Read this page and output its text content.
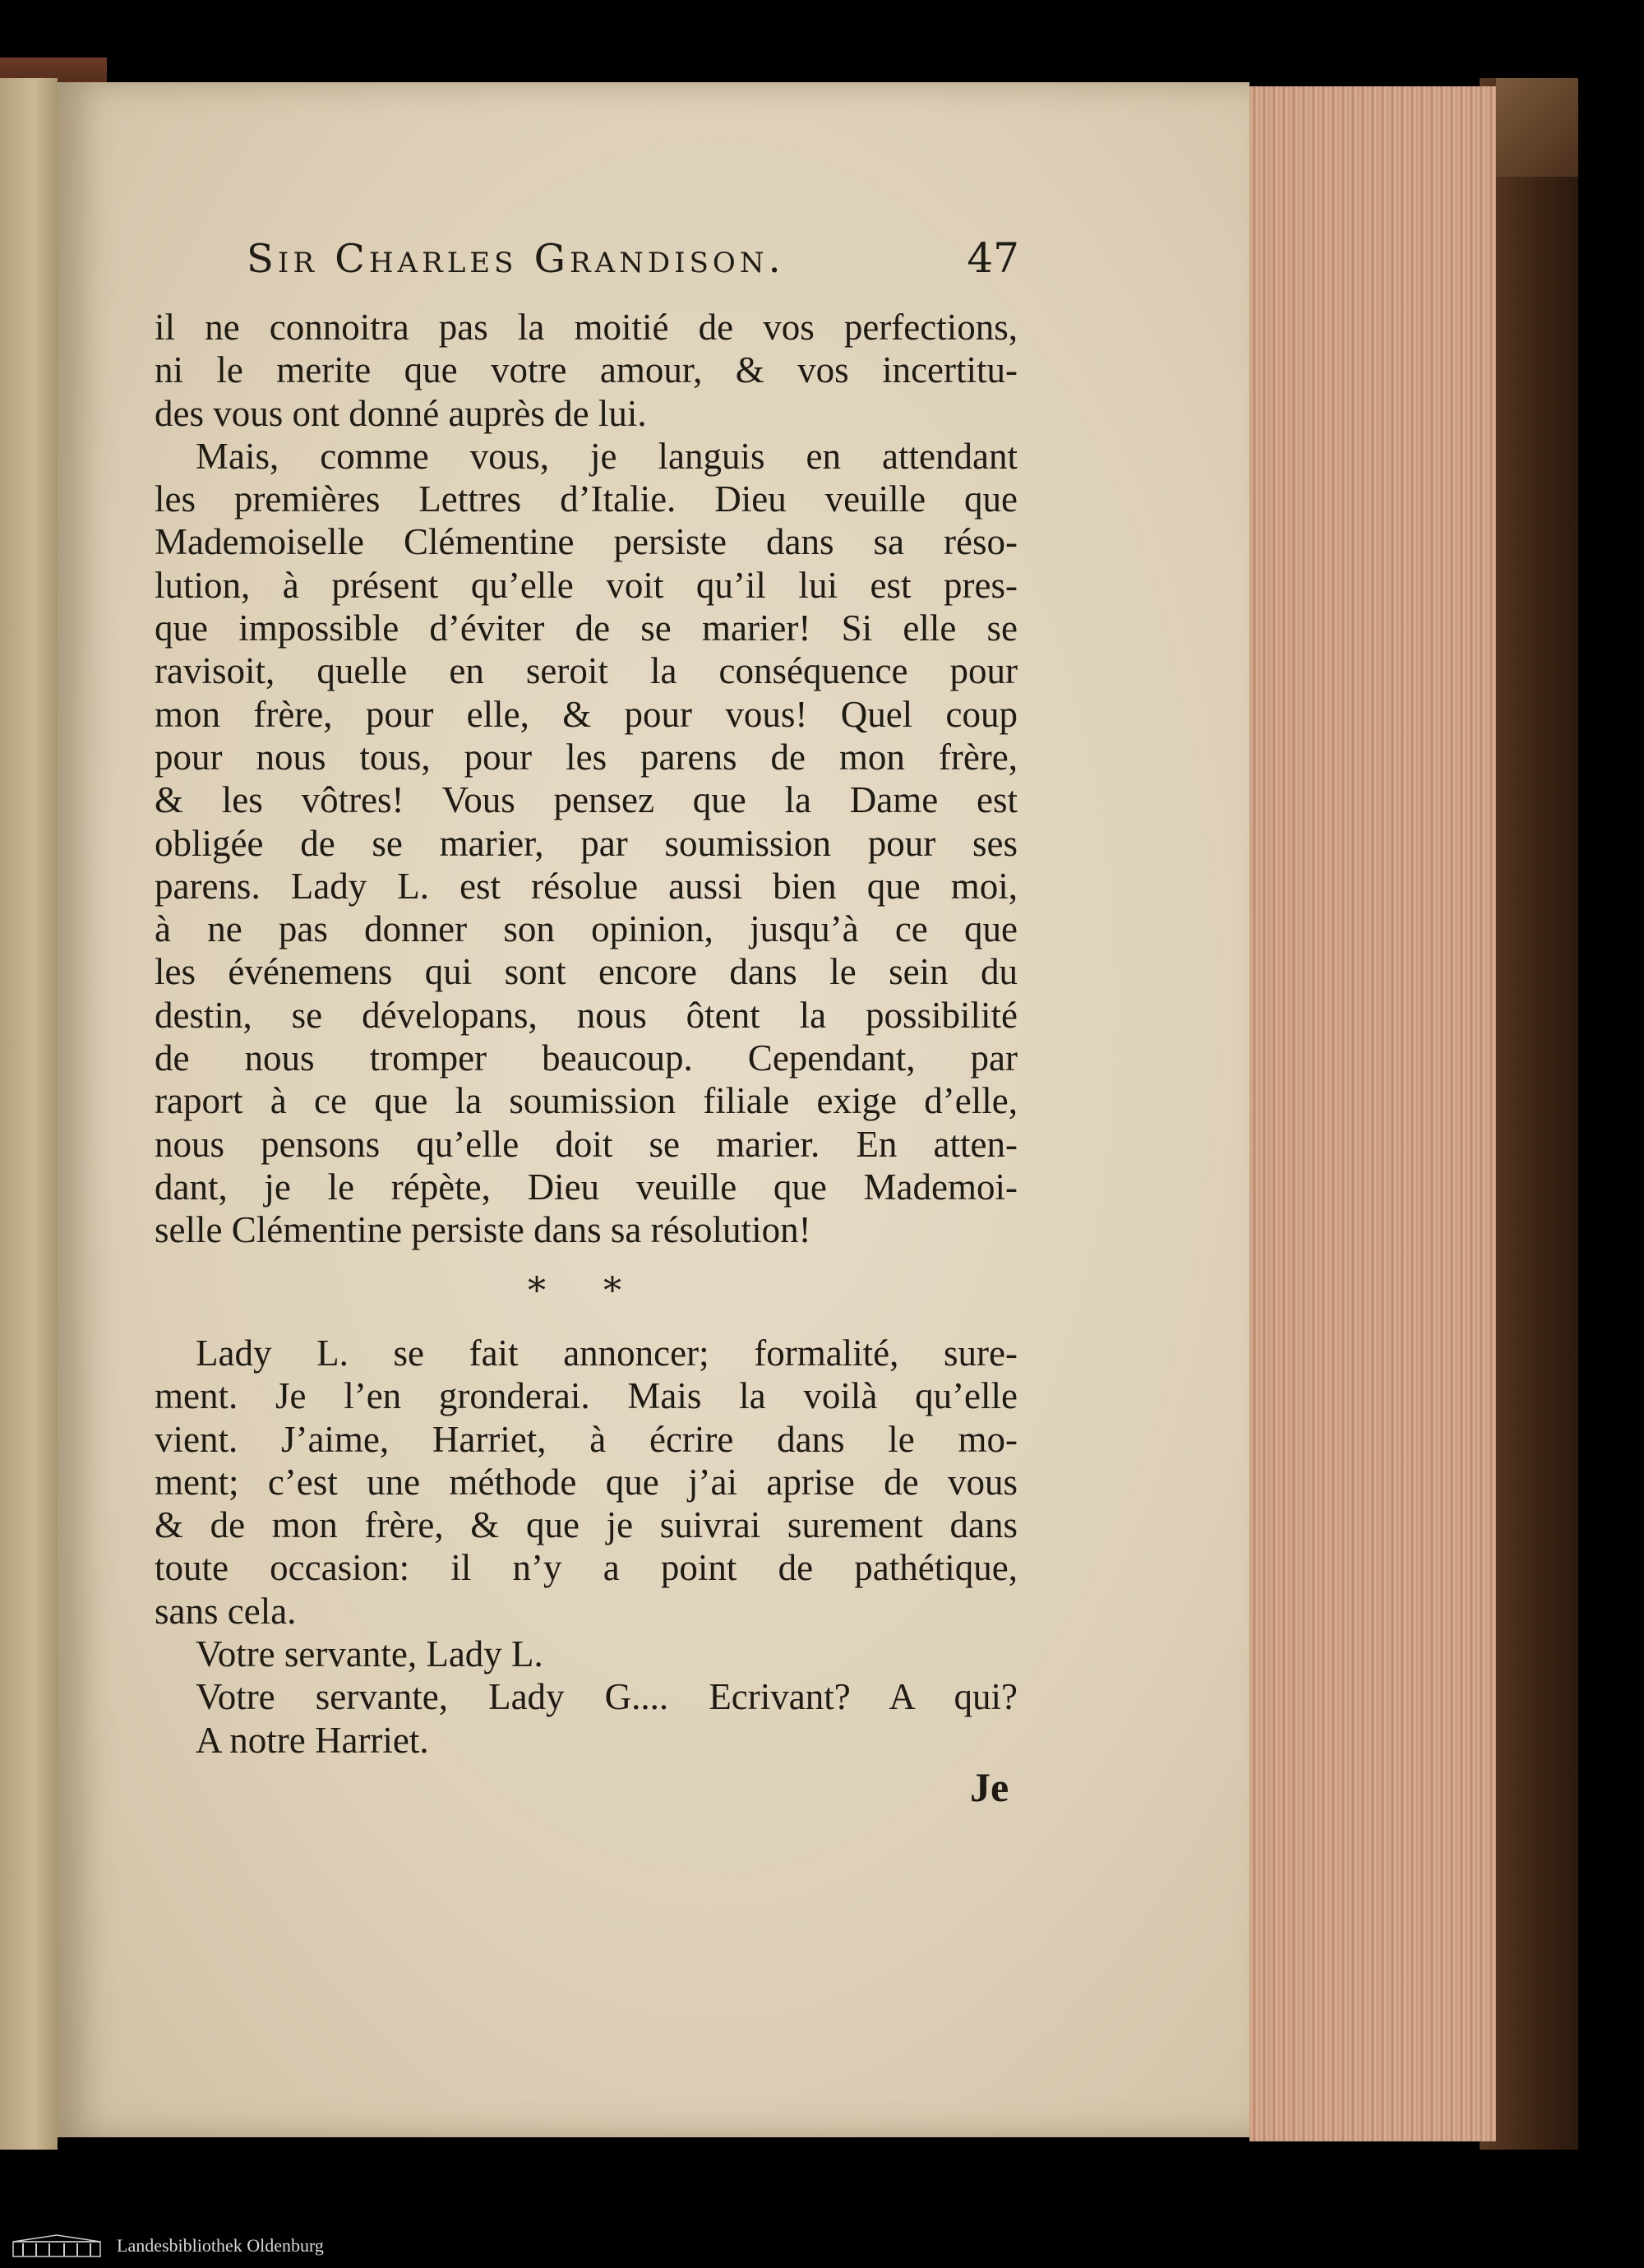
Sir Charles Grandison.	47
il ne connoitra pas la moitié de vos perfections,
ni le merite que votre amour, & vos incertitu-
des vous ont donné auprès de lui.
Mais, comme vous, je languis en attendant
les premières Lettres d’Italie. Dieu veuille que
Mademoiselle Clémentine persiste dans sa réso-
lution, à présent qu’elle voit qu’il lui est pres-
que impossible d’éviter de se marier! Si elle se
ravisoit, quelle en seroit la conséquence pour
mon frère, pour elle, & pour vous! Quel coup
pour nous tous, pour les parens de mon frère,
& les vôtres! Vous pensez que la Dame est
obligée de se marier, par soumission pour ses
parens. Lady L. est résolue aussi bien que moi,
à ne pas donner son opinion, jusqu’à ce que
les événemens qui sont encore dans le sein du
destin, se dévelopans, nous ôtent la possibilité
de nous tromper beaucoup. Cependant, par
raport à ce que la soumission filiale exige d’elle,
nous pensons qu’elle doit se marier. En atten-
dant, je le répète, Dieu veuille que Mademoi-
selle Clémentine persiste dans sa résolution!
* *
Lady L. se fait annoncer; formalité, sure-
ment. Je l’en gronderai. Mais la voilà qu’elle
vient. J’aime, Harriet, à écrire dans le mo-
ment; c’est une méthode que j’ai aprise de vous
& de mon frère, & que je suivrai surement dans
toute occasion: il n’y a point de pathétique,
sans cela.
Votre servante, Lady L.
Votre servante, Lady G.... Ecrivant? A qui?
A notre Harriet.
Je
Landesbibliothek Oldenburg
